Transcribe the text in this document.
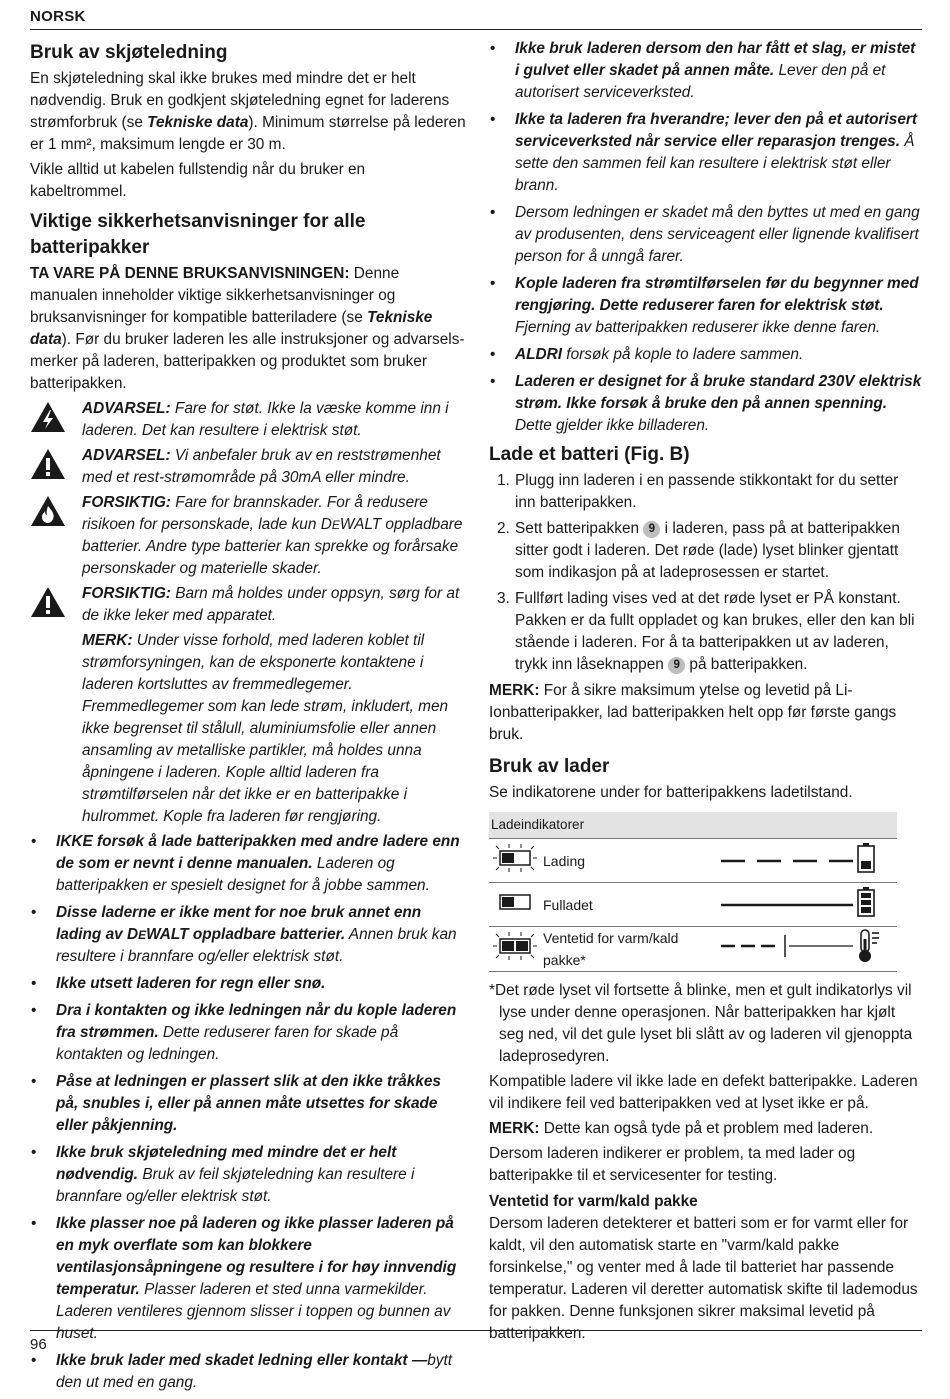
NORSK
Bruk av skjøteledning

En skjøteledning skal ikke brukes med mindre det er helt nødvendig. Bruk en godkjent skjøteledning egnet for laderens strømforbruk (se Tekniske data). Minimum størrelse på lederen er 1 mm², maksimum lengde er 30 m.

Vikle alltid ut kabelen fullstendig når du bruker en kabeltrommel.

Viktige sikkerhetsanvisninger for alle batteripakker

TA VARE PÅ DENNE BRUKSANVISNINGEN: Denne manualen inneholder viktige sikkerhetsanvisninger og bruksanvisninger for kompatible batteriladere (se Tekniske data). Før du bruker laderen les alle instruksjoner og advarsels-merker på laderen, batteripakken og produktet som bruker batteripakken.

ADVARSEL: Fare for støt. Ikke la væske komme inn i laderen. Det kan resultere i elektrisk støt.
ADVARSEL: Vi anbefaler bruk av en reststrømenhet med et rest-strømområde på 30mA eller mindre.
FORSIKTIG: Fare for brannskader. For å redusere risikoen for personskade, lade kun DEWALT oppladbare batterier. Andre type batterier kan sprekke og forårsake personskader og materielle skader.
FORSIKTIG: Barn må holdes under oppsyn, sørg for at de ikke leker med apparatet.
MERK: Under visse forhold, med laderen koblet til strømforsyningen, kan de eksponerte kontaktene i laderen kortsluttes av fremmedlegemer. Fremmedlegemer som kan lede strøm, inkludert, men ikke begrenset til stålull, aluminiumsfolie eller annen ansamling av metalliske partikler, må holdes unna åpningene i laderen. Kople alltid laderen fra strømtilførselen når det ikke er en batteripakke i hulrommet. Kople fra laderen før rengjøring.
• IKKE forsøk å lade batteripakken med andre ladere enn de som er nevnt i denne manualen. Laderen og batteripakken er spesielt designet for å jobbe sammen.
• Disse laderne er ikke ment for noe bruk annet enn lading av DEWALT oppladbare batterier. Annen bruk kan resultere i brannfare og/eller elektrisk støt.
• Ikke utsett laderen for regn eller snø.
• Dra i kontakten og ikke ledningen når du kople laderen fra strømmen. Dette reduserer faren for skade på kontakten og ledningen.
• Påse at ledningen er plassert slik at den ikke tråkkes på, snubles i, eller på annen måte utsettes for skade eller påkjenning.
• Ikke bruk skjøteledning med mindre det er helt nødvendig. Bruk av feil skjøteledning kan resultere i brannfare og/eller elektrisk støt.
• Ikke plasser noe på laderen og ikke plasser laderen på en myk overflate som kan blokkere ventilasjonsåpningene og resultere i for høy innvendig temperatur. Plasser laderen et sted unna varmekilder. Laderen ventileres gjennom slisser i toppen og bunnen av huset.
• Ikke bruk lader med skadet ledning eller kontakt —bytt den ut med en gang.
• Ikke bruk laderen dersom den har fått et slag, er mistet i gulvet eller skadet på annen måte. Lever den på et autorisert serviceverksted.
• Ikke ta laderen fra hverandre; lever den på et autorisert serviceverksted når service eller reparasjon trenges. Å sette den sammen feil kan resultere i elektrisk støt eller brann.
• Dersom ledningen er skadet må den byttes ut med en gang av produsenten, dens serviceagent eller lignende kvalifisert person for å unngå farer.
• Kople laderen fra strømtilførselen før du begynner med rengjøring. Dette reduserer faren for elektrisk støt. Fjerning av batteripakken reduserer ikke denne faren.
• ALDRI forsøk på kople to ladere sammen.
• Laderen er designet for å bruke standard 230V elektrisk strøm. Ikke forsøk å bruke den på annen spenning. Dette gjelder ikke billaderen.
Lade et batteri (Fig. B)
1. Plugg inn laderen i en passende stikkontakt for du setter inn batteripakken.
2. Sett batteripakken 9 i laderen, pass på at batteripakken sitter godt i laderen. Det røde (lade) lyset blinker gjentatt som indikasjon på at ladeprosessen er startet.
3. Fullført lading vises ved at det røde lyset er PÅ konstant. Pakken er da fullt oppladet og kan brukes, eller den kan bli stående i laderen. For å ta batteripakken ut av laderen, trykk inn låseknappen 9 på batteripakken.

MERK: For å sikre maksimum ytelse og levetid på Li-Ionbatteripakker, lad batteripakken helt opp før første gangs bruk.

Bruk av lader

Se indikatorene under for batteripakkens ladetilstand.

Ladeindikatorer			
	Lading		
	Fulladet		
	Ventetid for varm/kald pakke*		

*Det røde lyset vil fortsette å blinke, men et gult indikatorlys vil lyse under denne operasjonen. Når batteripakken har kjølt seg ned, vil det gule lyset bli slått av og laderen vil gjenoppta ladeprosedyren.

Kompatible ladere vil ikke lade en defekt batteripakke. Laderen vil indikere feil ved batteripakken ved at lyset ikke er på.

MERK: Dette kan også tyde på et problem med laderen.

Dersom laderen indikerer er problem, ta med lader og batteripakke til et servicesenter for testing.

Ventetid for varm/kald pakke

Dersom laderen detekterer et batteri som er for varmt eller for kaldt, vil den automatisk starte en "varm/kald pakke forsinkelse," og venter med å lade til batteriet har passende temperatur. Laderen vil deretter automatisk skifte til lademodus for pakken. Denne funksjonen sikrer maksimal levetid på batteripakken.

96
